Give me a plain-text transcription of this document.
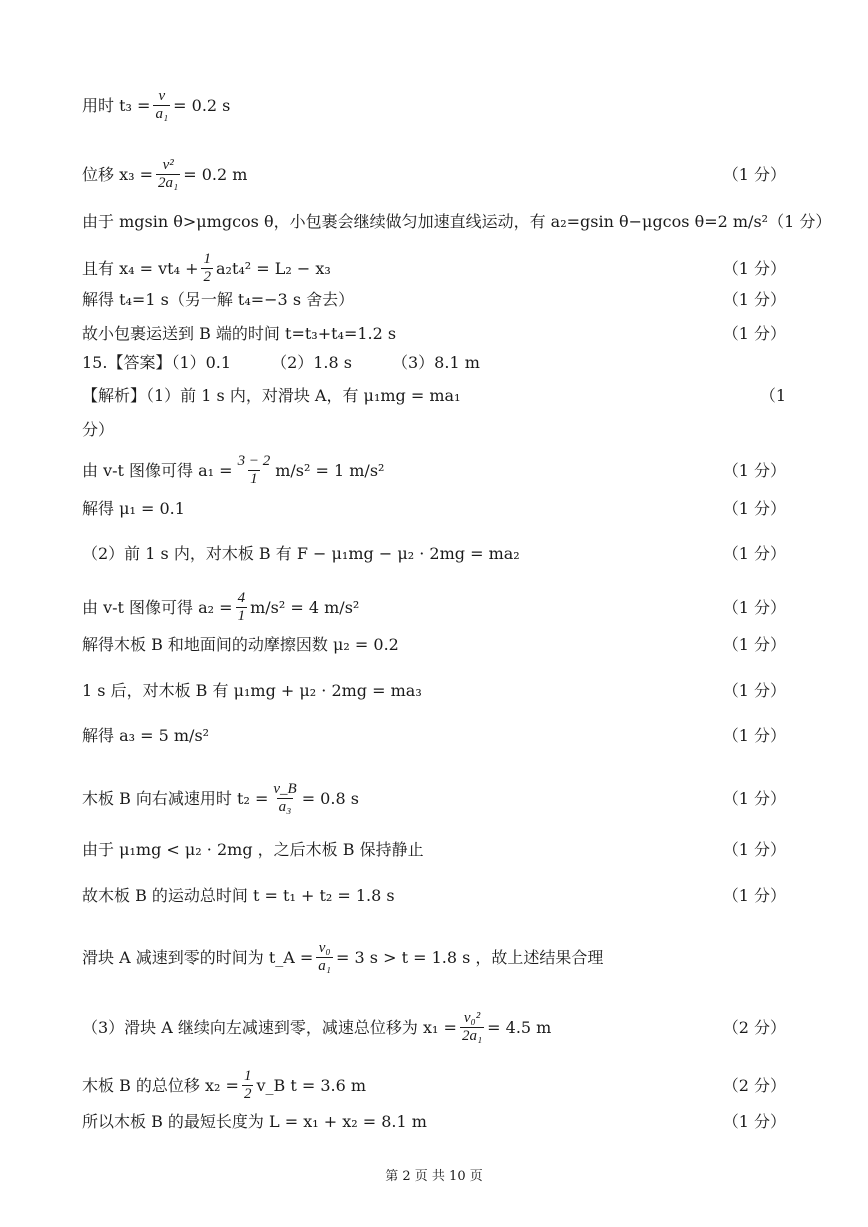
用时 $t_3 = \frac{v}{\text{a₁}} = 0.2$ s
位移 $x_3 = \frac{\text{v²}}{\text{2a₁}} = 0.2$ m	（1 分）
由于 mgsin θ>μmgcos θ，小包裹会继续做匀加速直线运动，有 a₂=gsin θ−μgcos θ=2 m/s²（1 分）
且有 $x_4 = vt_4 + \frac{1}{2} a_2t_4^2 = L_2 - x_3$	（1 分）
解得 t₄=1 s（另一解 t₄=−3 s 舍去）	（1 分）
故小包裹运送到 B 端的时间 t=t₃+t₄=1.2 s	（1 分）
15.【答案】（1）0.1　　　（2）1.8 s　　　（3）8.1 m
【解析】（1）前 1 s 内，对滑块 A，有 μ₁mg = ma₁	（1
分）
由 v-t 图像可得 $a_1 = \frac{3 - 2}{1} m/s^2 = 1$ m/s²	（1 分）
解得 μ₁ = 0.1	（1 分）
（2）前 1 s 内，对木板 B 有 F − μ₁mg − μ₂ · 2mg = ma₂	（1 分）
由 v-t 图像可得 $a_2 = \frac{4}{1} m/s^2 = 4$ m/s²	（1 分）
解得木板 B 和地面间的动摩擦因数 μ₂ = 0.2	（1 分）
1 s 后，对木板 B 有 μ₁mg + μ₂ · 2mg = ma₃	（1 分）
解得 a₃ = 5 m/s²	（1 分）
木板 B 向右减速用时 $t_2 = \frac{v\_B}{\text{a₃}} = 0.8$ s	（1 分）
由于 μ₁mg < μ₂ · 2mg ，之后木板 B 保持静止	（1 分）
故木板 B 的运动总时间 t = t₁ + t₂ = 1.8 s	（1 分）
滑块 A 减速到零的时间为 t_A = $\frac{\text{v₀}}{\text{a₁}} = 3$ s > t = 1.8 s ，故上述结果合理
（3）滑块 A 继续向左减速到零，减速总位移为 $x_1 = \frac{\text{v₀²}}{\text{2a₁}} = 4.5$ m	（2 分）
木板 B 的总位移 $x_2 = \frac{1}{2}$ v_B t = 3.6 m	（2 分）
所以木板 B 的最短长度为 L = x₁ + x₂ = 8.1 m	（1 分）
第 2 页 共 10 页
